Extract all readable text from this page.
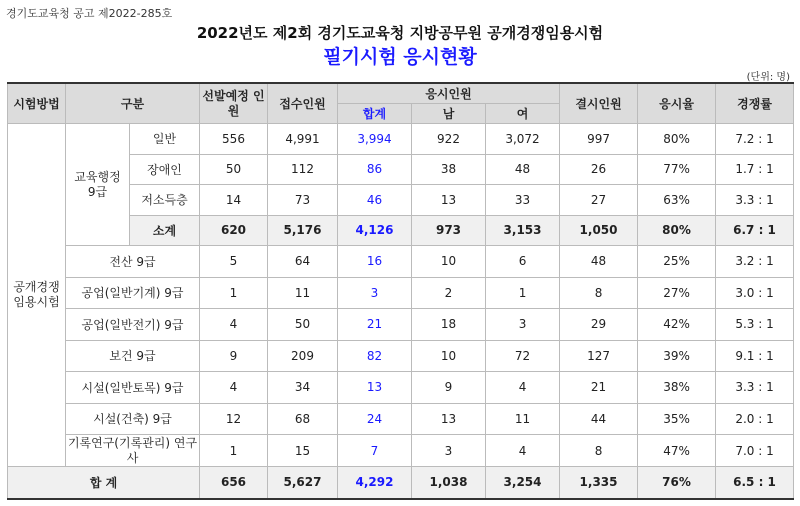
경기도교육청 공고 제2022-285호
2022년도 제2회 경기도교육청 지방공무원 공개경쟁임용시험
필기시험 응시현황
(단위: 명)
시험방법	구분		선발예정 인원	접수인원	응시인원			결시인원	응시율	경쟁률
					합계	남	여			
공개경쟁 임용시험	교육행정 9급	일반	556	4,991	3,994	922	3,072	997	80%	7.2 : 1
		장애인	50	112	86	38	48	26	77%	1.7 : 1
		저소득층	14	73	46	13	33	27	63%	3.3 : 1
		소계	620	5,176	4,126	973	3,153	1,050	80%	6.7 : 1
	전산 9급		5	64	16	10	6	48	25%	3.2 : 1
	공업(일반기계) 9급		1	11	3	2	1	8	27%	3.0 : 1
	공업(일반전기) 9급		4	50	21	18	3	29	42%	5.3 : 1
	보건 9급		9	209	82	10	72	127	39%	9.1 : 1
	시설(일반토목) 9급		4	34	13	9	4	21	38%	3.3 : 1
	시설(건축) 9급		12	68	24	13	11	44	35%	2.0 : 1
	기록연구(기록관리) 연구사		1	15	7	3	4	8	47%	7.0 : 1
합 계			656	5,627	4,292	1,038	3,254	1,335	76%	6.5 : 1
